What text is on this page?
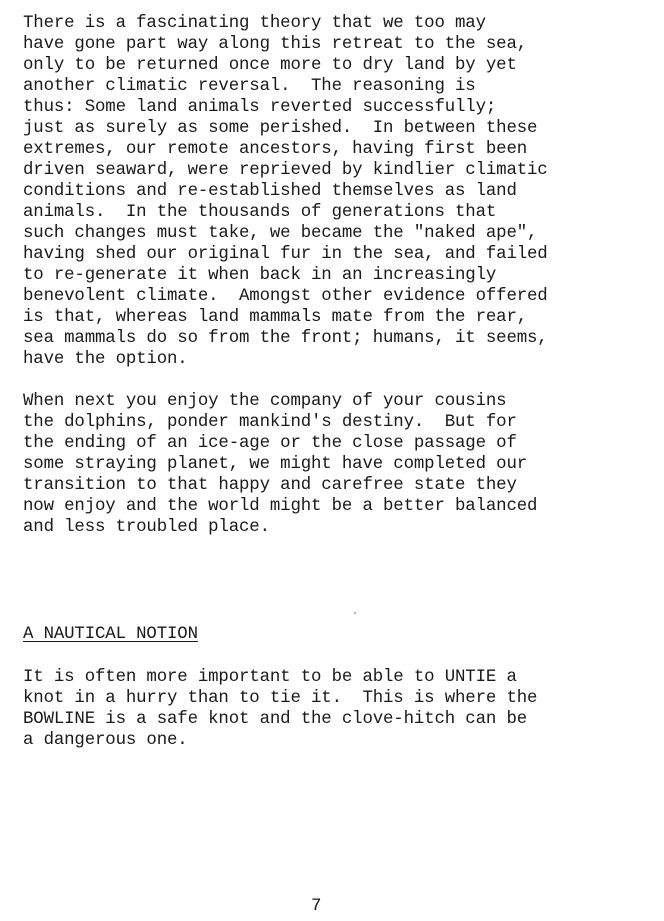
There is a fascinating theory that we too may
have gone part way along this retreat to the sea,
only to be returned once more to dry land by yet
another climatic reversal.  The reasoning is
thus: Some land animals reverted successfully;
just as surely as some perished.  In between these
extremes, our remote ancestors, having first been
driven seaward, were reprieved by kindlier climatic
conditions and re-established themselves as land
animals.  In the thousands of generations that
such changes must take, we became the "naked ape",
having shed our original fur in the sea, and failed
to re-generate it when back in an increasingly
benevolent climate.  Amongst other evidence offered
is that, whereas land mammals mate from the rear,
sea mammals do so from the front; humans, it seems,
have the option.

When next you enjoy the company of your cousins
the dolphins, ponder mankind's destiny.  But for
the ending of an ice-age or the close passage of
some straying planet, we might have completed our
transition to that happy and carefree state they
now enjoy and the world might be a better balanced
and less troubled place.

A NAUTICAL NOTION

It is often more important to be able to UNTIE a
knot in a hurry than to tie it.  This is where the
BOWLINE is a safe knot and the clove-hitch can be
a dangerous one.

7
